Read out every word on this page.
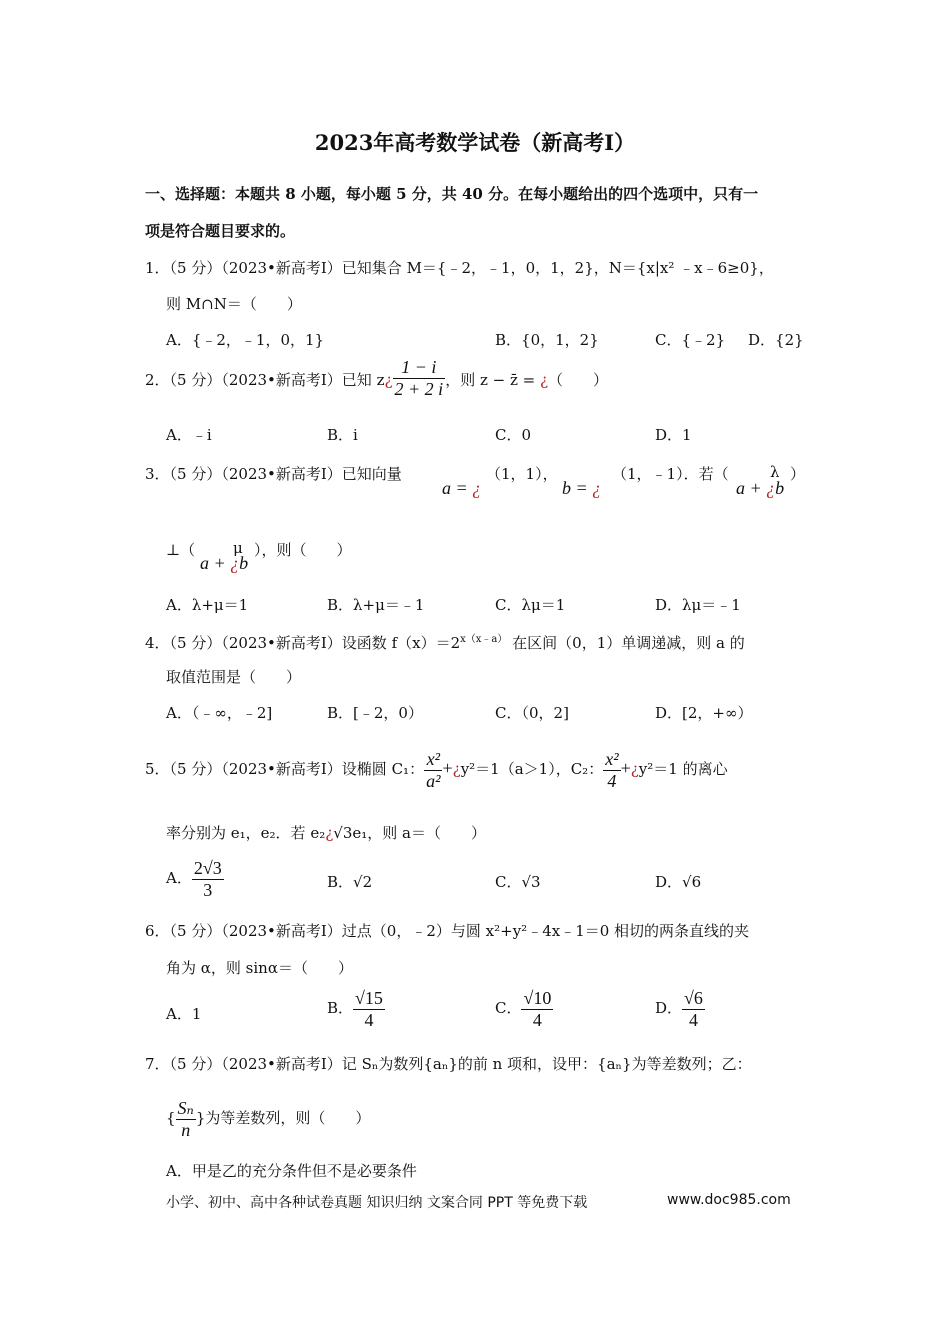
2023年高考数学试卷（新高考Ⅰ）
一、选择题：本题共 8 小题，每小题 5 分，共 40 分。在每小题给出的四个选项中，只有一
项是符合题目要求的。
1．（5 分）（2023•新高考Ⅰ）已知集合 M＝{﹣2，﹣1，0，1，2}，N＝{x|x² ﹣x﹣6≥0}，
则 M∩N＝（　　）
A．{﹣2，﹣1，0，1}	B．{0，1，2}	C．{﹣2} D．{2}
2．（5 分）（2023•新高考Ⅰ）已知 z¿ $\frac{1 - i}{2 + 2 i}$ ，则 z − z̄ = ¿（　　）
A．﹣i	B．i	C．0	D．1
3．（5 分）（2023•新高考Ⅰ）已知向量
a = ¿
（1，1），
b = ¿
（1，﹣1）．若（
a + ¿b
λ ）
⊥（
a + ¿b
μ ），则（　　）
A．λ+μ＝1	B．λ+μ＝﹣1	C．λμ＝1	D．λμ＝﹣1
4．（5 分）（2023•新高考Ⅰ）设函数 $f(x)=2^{x(x﹣a)}$ 在区间（0，1）单调递减，则 a 的
取值范围是（　　）
A．（﹣∞，﹣2]	B．[﹣2，0）	C．（0，2]	D．[2，+∞）
5．（5 分）（2023•新高考Ⅰ）设椭圆 C₁： $\frac{\text{x²}}{\text{a²}}$ +¿y²＝1（a＞1），C₂： $\frac{\text{x²}}{4}$ +¿y²＝1 的离心
率分别为 e₁，e₂．若 e₂¿√3e₁，则 a＝（　　）
A． $\frac{2√3}{3}$	B．√2	C．√3	D．√6
6．（5 分）（2023•新高考Ⅰ）过点（0，﹣2）与圆 x²+y²﹣4x﹣1＝0 相切的两条直线的夹
角为 α，则 sinα＝（　　）
A．1	B． $\frac{√15}{4}$	C． $\frac{√10}{4}$	D． $\frac{√6}{4}$
7．（5 分）（2023•新高考Ⅰ）记 Sₙ为数列{aₙ}的前 n 项和，设甲：{aₙ}为等差数列；乙：
{ $\frac{\text{Sₙ}}{n}$ }为等差数列，则（　　）
A．甲是乙的充分条件但不是必要条件
小学、初中、高中各种试卷真题 知识归纳 文案合同 PPT 等免费下载	www.doc985.com
